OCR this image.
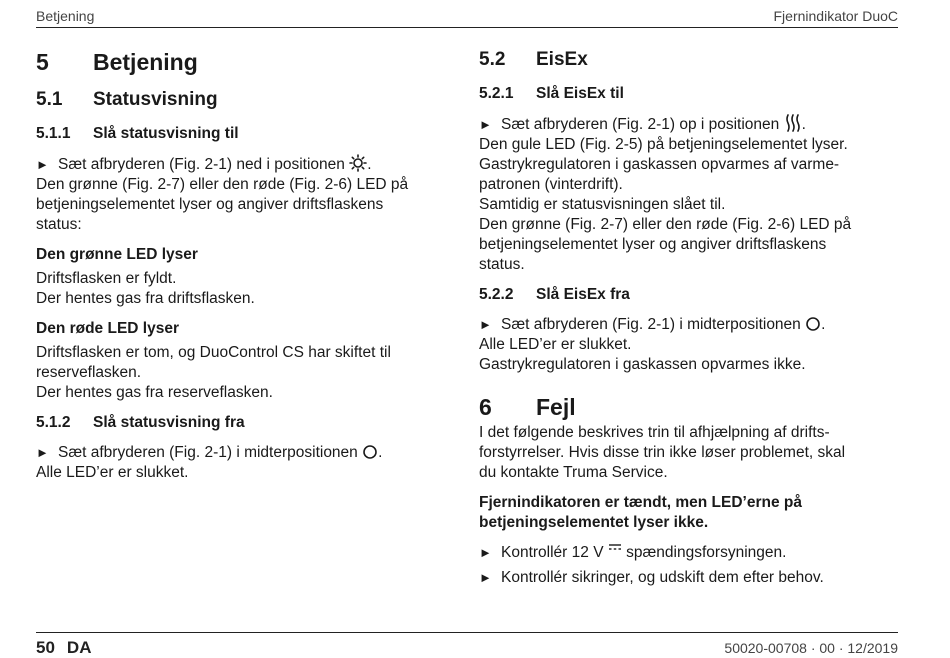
Betjening	Fjernindikator DuoC
5	Betjening
5.1	Statusvisning
5.1.1	Slå statusvisning til
► Sæt afbryderen (Fig. 2-1) ned i positionen .
Den grønne (Fig. 2-7) eller den røde (Fig. 2-6) LED på
betjeningselementet lyser og angiver driftsflaskens
status:
Den grønne LED lyser
Driftsflasken er fyldt.
Der hentes gas fra driftsflasken.
Den røde LED lyser
Driftsflasken er tom, og DuoControl CS har skiftet til
reserveflasken.
Der hentes gas fra reserveflasken.
5.1.2	Slå statusvisning fra
► Sæt afbryderen (Fig. 2-1) i midterpositionen .
Alle LED’er er slukket.
5.2	EisEx
5.2.1	Slå EisEx til
► Sæt afbryderen (Fig. 2-1) op i positionen .
Den gule LED (Fig. 2-5) på betjeningselementet lyser.
Gastrykregulatoren i gaskassen opvarmes af varme-
patronen (vinterdrift).
Samtidig er statusvisningen slået til.
Den grønne (Fig. 2-7) eller den røde (Fig. 2-6) LED på
betjeningselementet lyser og angiver driftsflaskens
status.
5.2.2	Slå EisEx fra
► Sæt afbryderen (Fig. 2-1) i midterpositionen .
Alle LED’er er slukket.
Gastrykregulatoren i gaskassen opvarmes ikke.
6	Fejl
I det følgende beskrives trin til afhjælpning af drifts-
forstyrrelser. Hvis disse trin ikke løser problemet, skal
du kontakte Truma Service.
Fjernindikatoren er tændt, men LED’erne på
betjeningselementet lyser ikke.
► Kontrollér 12 V spændingsforsyningen.
► Kontrollér sikringer, og udskift dem efter behov.
50 DA	50020-00708 · 00 · 12/2019
